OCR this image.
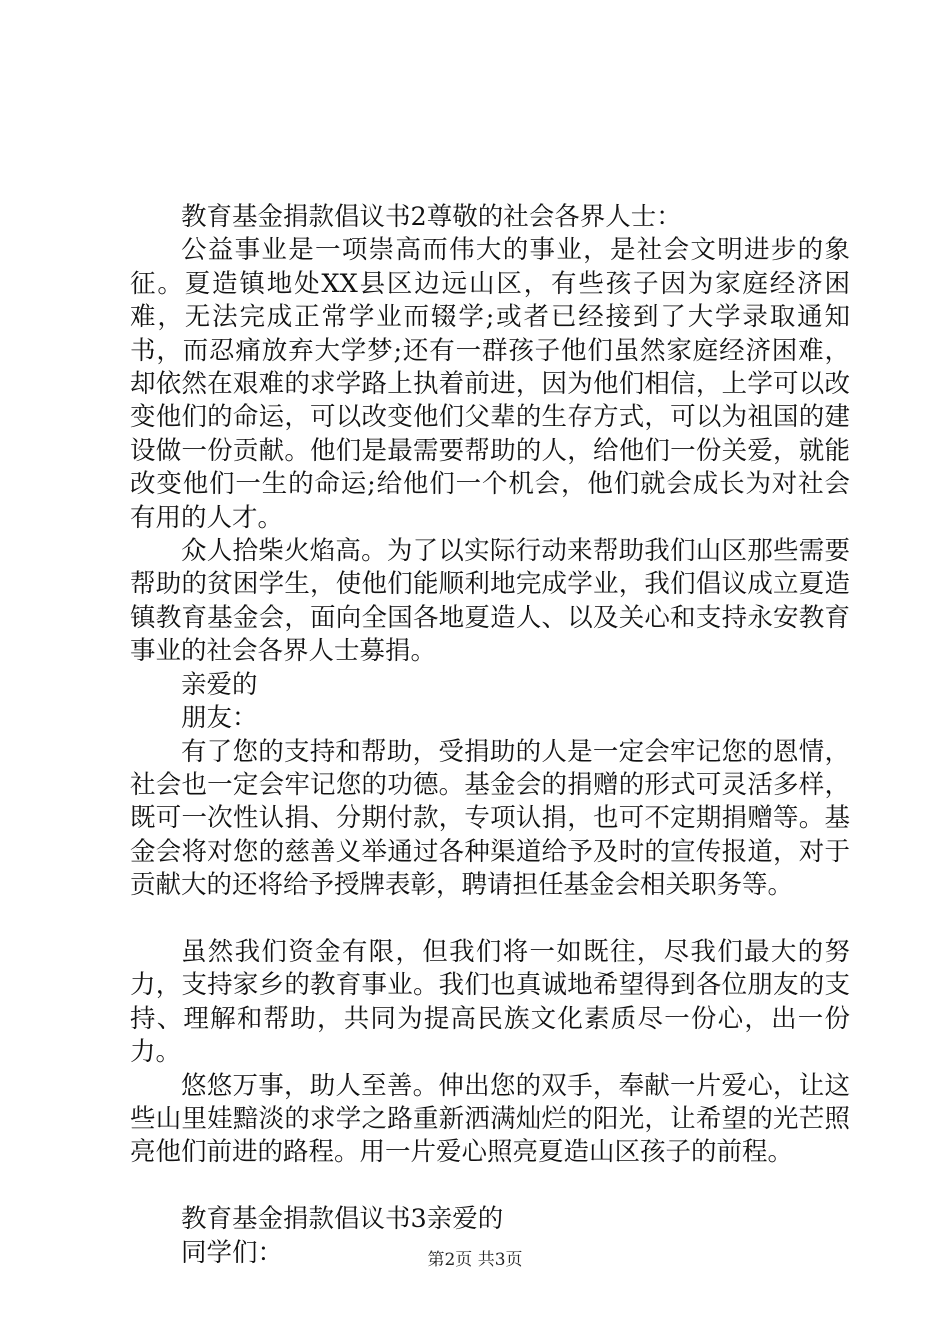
教育基金捐款倡议书2尊敬的社会各界人士：

公益事业是一项崇高而伟大的事业，是社会文明进步的象征。夏造镇地处XX县区边远山区，有些孩子因为家庭经济困难，无法完成正常学业而辍学;或者已经接到了大学录取通知书，而忍痛放弃大学梦;还有一群孩子他们虽然家庭经济困难，却依然在艰难的求学路上执着前进，因为他们相信，上学可以改变他们的命运，可以改变他们父辈的生存方式，可以为祖国的建设做一份贡献。他们是最需要帮助的人，给他们一份关爱，就能改变他们一生的命运;给他们一个机会，他们就会成长为对社会有用的人才。

众人拾柴火焰高。为了以实际行动来帮助我们山区那些需要帮助的贫困学生，使他们能顺利地完成学业，我们倡议成立夏造镇教育基金会，面向全国各地夏造人、以及关心和支持永安教育事业的社会各界人士募捐。

亲爱的

朋友：

有了您的支持和帮助，受捐助的人是一定会牢记您的恩情，社会也一定会牢记您的功德。基金会的捐赠的形式可灵活多样，既可一次性认捐、分期付款，专项认捐，也可不定期捐赠等。基金会将对您的慈善义举通过各种渠道给予及时的宣传报道，对于贡献大的还将给予授牌表彰，聘请担任基金会相关职务等。

虽然我们资金有限，但我们将一如既往，尽我们最大的努力，支持家乡的教育事业。我们也真诚地希望得到各位朋友的支持、理解和帮助，共同为提高民族文化素质尽一份心，出一份力。

悠悠万事，助人至善。伸出您的双手，奉献一片爱心，让这些山里娃黯淡的求学之路重新洒满灿烂的阳光，让希望的光芒照亮他们前进的路程。用一片爱心照亮夏造山区孩子的前程。

教育基金捐款倡议书3亲爱的

同学们：	第2页 共3页
